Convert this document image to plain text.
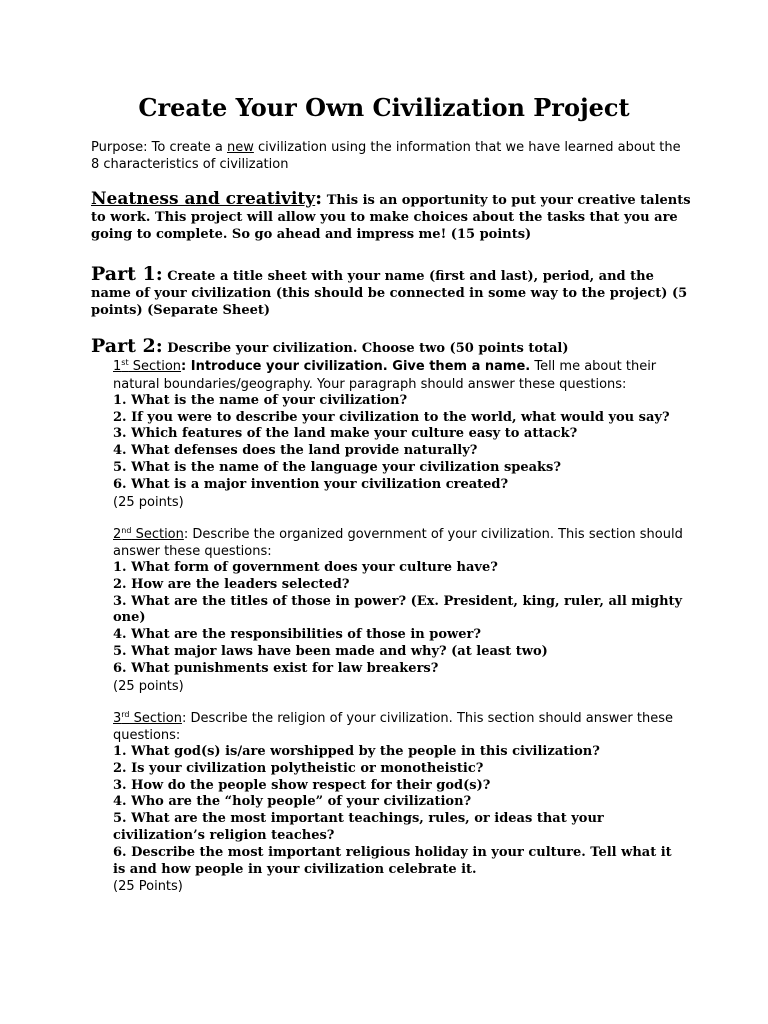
Create Your Own Civilization Project
Purpose: To create a new civilization using the information that we have learned about the 8 characteristics of civilization
Neatness and creativity: This is an opportunity to put your creative talents to work. This project will allow you to make choices about the tasks that you are going to complete. So go ahead and impress me! (15 points)
Part 1: Create a title sheet with your name (first and last), period, and the name of your civilization (this should be connected in some way to the project) (5 points) (Separate Sheet)
Part 2: Describe your civilization. Choose two (50 points total)
1st Section: Introduce your civilization. Give them a name. Tell me about their natural boundaries/geography. Your paragraph should answer these questions:
1. What is the name of your civilization?
2. If you were to describe your civilization to the world, what would you say?
3. Which features of the land make your culture easy to attack?
4. What defenses does the land provide naturally?
5. What is the name of the language your civilization speaks?
6. What is a major invention your civilization created?
(25 points)
2nd Section: Describe the organized government of your civilization. This section should answer these questions:
1. What form of government does your culture have?
2. How are the leaders selected?
3. What are the titles of those in power? (Ex. President, king, ruler, all mighty one)
4. What are the responsibilities of those in power?
5. What major laws have been made and why? (at least two)
6. What punishments exist for law breakers?
(25 points)
3rd Section: Describe the religion of your civilization. This section should answer these questions:
1. What god(s) is/are worshipped by the people in this civilization?
2. Is your civilization polytheistic or monotheistic?
3. How do the people show respect for their god(s)?
4. Who are the “holy people” of your civilization?
5. What are the most important teachings, rules, or ideas that your civilization’s religion teaches?
6. Describe the most important religious holiday in your culture. Tell what it is and how people in your civilization celebrate it.
(25 Points)
